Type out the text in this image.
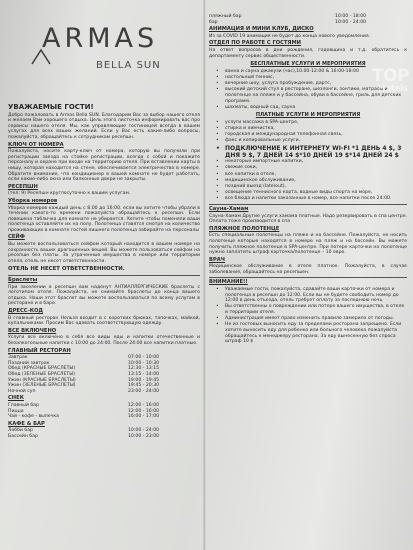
TOP
Hotels
ARMAS
BELLA SUN
УВАЖАЕМЫЕ ГОСТИ!

Добро пожаловать в Armas Bella SUN. Благодарим Вас за выбор нашего отеля и желаем Вам хорошего отдыха. Цель этого листочка информировать вас про сервисы нашего отеля. Мы, как управляющие гостиницей всегда в вашем услугах для всех ваших желаний. Если у Вас есть какие-либо вопросы, пожалуйста, обращайтесь к сотрудникам ресепшн.

КЛЮЧ ОТ НОМЕРА

Пожалуйста, носите карту-ключ от номера, которую вы получили при регистрации заезда на стойке регистрации, всегда с собой и покажите персоналу и охране при входе на территорию отеля. При вставлении карты в нишу, которая находится на стене, обеспечивается электричество в номере. Обратите внимание, что кондиционер в вашей комнате не будет работать, если какие-либо окна или балконные двери не закрыты.

РЕСЕПШН

(тел: 9) Ресепшн круглосуточно к вашим услугам.

Уборка номеров

Уборка номеров каждый день с 8.00 до 16:00. если вы хотите чтобы убрали в течении какого-то времени пожалуйста обращайтесь к ресепшн. Если повешена табличка для комнате не убирается. Хотите чтобы поменяли ваши полотенца оставляйте их на полу. Полотенца ставятся смотря на количество проживающих в комнате гостей лишнего полотенца забирайте на персоналы

СЕЙФ

Вы можете воспользоваться сейфом который находится в вашем номере на сохранность ваших драгоценных вещей. Вы можете пользоваться сейфом на ресепшн без платы. За утраченные имущества в номере или территории отеля, отель не несет ответственности.

ОТЕЛЬ НЕ НЕСЕТ ОТВЕТСТВЕННОСТИ.
Браслеты

При заселении в ресепшн вам наденут АНТИАЛЛЕРГИЧЕСКИЕ браслеты с логотипом отеля. Пожалуйста, не снимайте браслеты до конца вашего отдыха. Наши этот браслет вы можете воспользоваться по всему услугам в ресторане и в баре.

ДРЕСС-КОД

В главный ресторан Нельзя входит в с коротких брюках, тапочках, майкой, купальниками. Просим Вас одевать соответствующую одежду.

ВСЕ ВКЛЮЧЕНО

Услуги все включено в себя все виды еды и напитки отечественные и безалкогольные напитки с 10:00 до 24:00. После 24:00 все напитки платные.

ГЛАВНЫЙ РЕСТОРАН
Завтрак	07:00 - 10:00
Поздний завтрак	10:00 - 10:30
Обед (КРАСНЫЕ БРАСЛЕТЫ)	12:30 - 13:15
Обед (ЗЕЛЕНЫЕ БРАСЛЕТЫ)	13:15 - 14:00
Ужин (КРАСНЫЕ БРАСЛЕТЫ)	19:00 - 19:45
Ужин (ЗЕЛЕНЫЕ БРАСЛЕТЫ)	19:45 - 20:30
Ночной суп	23:00 - 24:00
СНЕК
Главный бар	12:00 - 16:00
Пицца	12:00 - 16:00
Чай - кофе - выпечка	16:00 - 17:00
КАФЕ & БАР
Лобби бар	10:00 - 24:00
Бассейн бар	10:00 - 23:00
пляжный бар	10:00 - 18:00
бар	10:00 - 24:00
АНИМАЦИЯ И МИНИ КЛУБ, ДИСКО

Из за COVID 19 анимация не будет до конца нового уведомления.

ОТДЕЛ ПО РАБОТЕ С ГОСТЯМИ

На ответ вопросов в дни рождения, годовщина и т.д. обратитесь к департаменту сервис общественности.

БЕСПЛАТНЫЕ УСЛУГИ И МЕРОПРИЯТИЯ
• ванна и сауна джакузи (час),10.00-12:00 & 16:00-18:00
• настольный теннис,
• вечерние шоу, услуга пробуждение, дартс,
• высокий детский стул в ресторане, шезлонги, зонтики, матрасы и полотенце на пляже и у бассейна, обуви в бассейне, гриль для детских программ.
• шахматы, водный сад, сауна
ПЛАТНЫЕ УСЛУГИ И МЕРОПРИЯТИЯ
• услуги массажа в SPA-центре,
• стирка и химчистка,
• городская и международная телефонная связь,
• факс и копировальные услуги,
• ПОДКЛЮЧЕНИЕ К ИНТЕРНЕТУ WI-FI *1 ДЕНЬ 4 $, 3 ДНЯ 9 $, 7 ДНЕЙ 14 $*10 ДНЕЙ 19 $*14 ДНЕЙ 24 $
• некоторые импортные напитки,
• свежие соки,
• все напитки в отеле,
• медицинское обслуживание,
• поздний выезд (late\out),
• освещение теннисного корта, водные виды спорта на море,
• все блюда и напитки заказанные в номер, все напитки после 24:00.
Сауна-Хамам

Сауна-Хамам Другие услуги хамама платные. Надо резервировать в спа центре. Оплата тоже производится в спа

ПЛЯЖНОЕ ПОЛОТЕНЦЕ

Есть специальные полотенцы на пляже и на бассейне. Пожалуйста, не носить полотенце которые находятся в номере на пляж и на бассейн. Вы можете получить пляжное полотенце в SPA-центре. При потере карточки на полотенце нужно заплатить штраф карточка/полотенце – 10 евро.

ВРАЧ

Медицинское обслуживание в отеле платное. Пожалуйста, в случае заболевания, обращайтесь на ресепшен.

ВНИМАНИЕ!!
• Уважаемые гости, пожалуйста, сдавайте ваши карточки от номера и полотенца в ресепшн до 12:00. Если вы не будете свободить номер до 12:00 в день отъезда, отель требует оплату за последнюю ночь.
• Вы ответственны о повреждении или потере вашего имущества, в отеле и территории отеля.
• Администрация имеет право изменить правило замерило от погоды.
• Не из гостевых выносить еду за пределами ресторана запрещено. Если хотите выносить еду для ребенка или больного человека пожалуйста обращайтесь к менеджеру ресторана. За еду вынесенную без спроса штраф 10 $
